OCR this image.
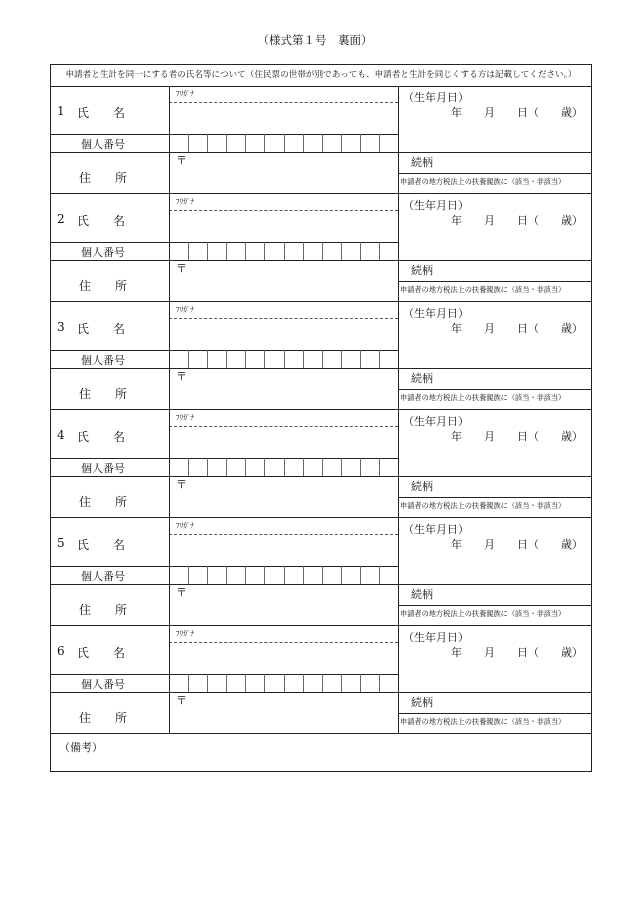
（様式第１号　裏面）
申請者と生計を同一にする者の氏名等について（住民票の世帯が別であっても、申請者と生計を同じくする方は記載してください。）
1 氏　　名
ﾌﾘｶﾞﾅ
個人番号
住　　所
〒
（生年月日）
年　　月　　日（　　歳）
続柄
申請者の地方税法上の扶養親族に（該当・非該当）
2 氏　　名
ﾌﾘｶﾞﾅ
個人番号
住　　所
〒
（生年月日）
年　　月　　日（　　歳）
続柄
申請者の地方税法上の扶養親族に（該当・非該当）
3 氏　　名
ﾌﾘｶﾞﾅ
個人番号
住　　所
〒
（生年月日）
年　　月　　日（　　歳）
続柄
申請者の地方税法上の扶養親族に（該当・非該当）
4 氏　　名
ﾌﾘｶﾞﾅ
個人番号
住　　所
〒
（生年月日）
年　　月　　日（　　歳）
続柄
申請者の地方税法上の扶養親族に（該当・非該当）
5 氏　　名
ﾌﾘｶﾞﾅ
個人番号
住　　所
〒
（生年月日）
年　　月　　日（　　歳）
続柄
申請者の地方税法上の扶養親族に（該当・非該当）
6 氏　　名
ﾌﾘｶﾞﾅ
個人番号
住　　所
〒
（生年月日）
年　　月　　日（　　歳）
続柄
申請者の地方税法上の扶養親族に（該当・非該当）
（備考）
